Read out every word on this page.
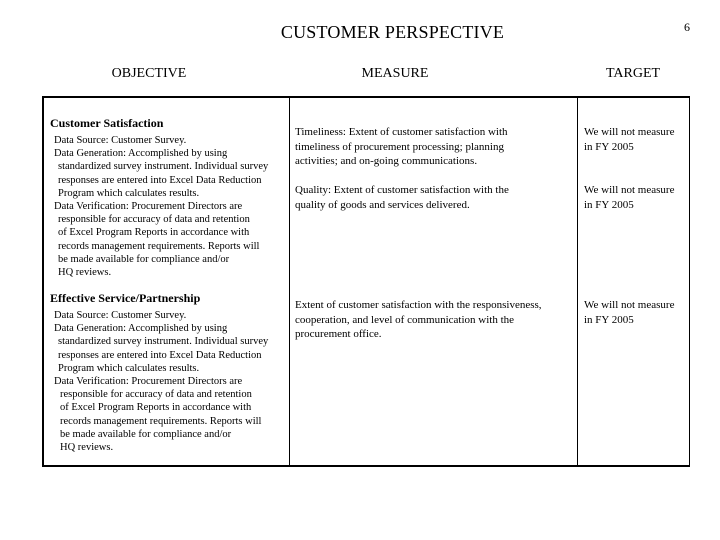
6
CUSTOMER PERSPECTIVE
OBJECTIVE	MEASURE	TARGET
Customer Satisfaction
Data Source: Customer Survey.
Data Generation: Accomplished by using
standardized survey instrument. Individual survey
responses are entered into Excel Data Reduction
Program which calculates results.
Data Verification: Procurement Directors are
responsible for accuracy of data and retention
of Excel Program Reports in accordance with
records management requirements. Reports will
be made available for compliance and/or
HQ reviews.
Effective Service/Partnership
Data Source: Customer Survey.
Data Generation: Accomplished by using
standardized survey instrument. Individual survey
responses are entered into Excel Data Reduction
Program which calculates results.
Data Verification: Procurement Directors are
responsible for accuracy of data and retention
of Excel Program Reports in accordance with
records management requirements. Reports will
be made available for compliance and/or
HQ reviews.
Timeliness: Extent of customer satisfaction with
timeliness of procurement processing; planning
activities; and on-going communications.
Quality: Extent of customer satisfaction with the
quality of goods and services delivered.
Extent of customer satisfaction with the responsiveness,
cooperation, and level of communication with the
procurement office.
We will not measure
in FY 2005
We will not measure
in FY 2005
We will not measure
in FY 2005
